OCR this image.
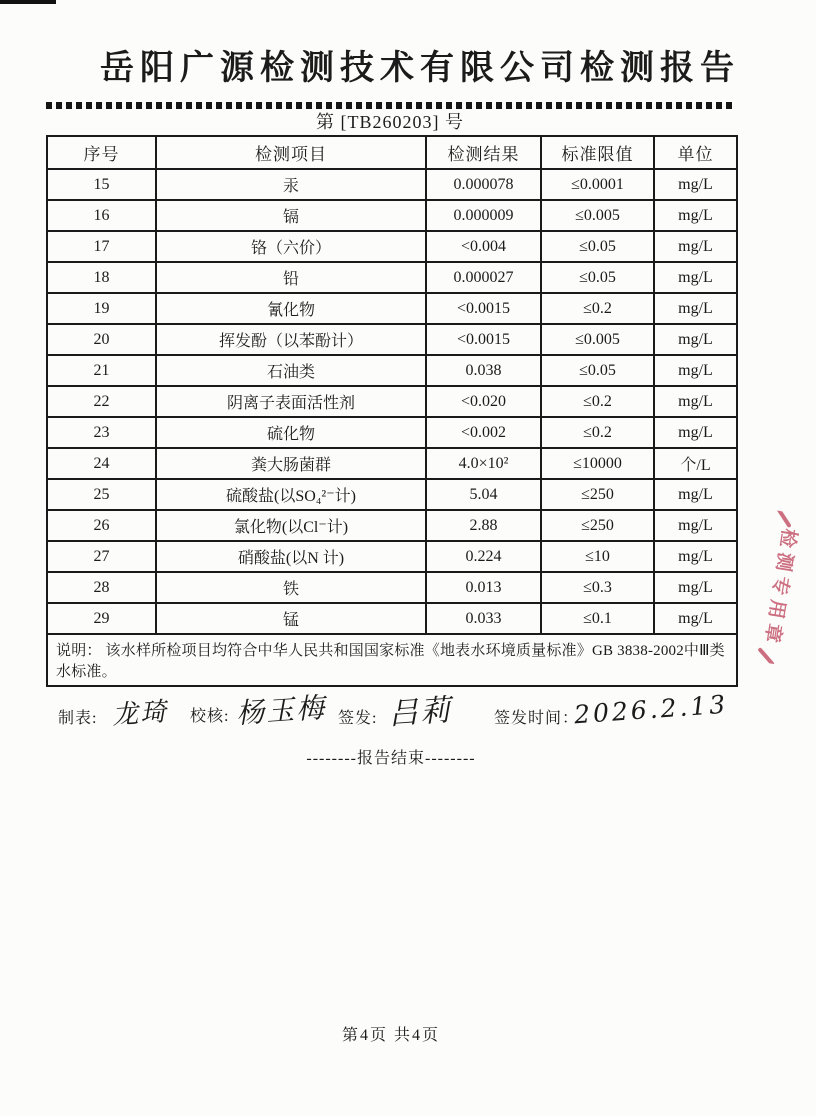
岳阳广源检测技术有限公司检测报告
第 [TB260203] 号
序号	检测项目	检测结果	标准限值	单位
15	汞	0.000078	≤0.0001	mg/L
16	镉	0.000009	≤0.005	mg/L
17	铬（六价）	<0.004	≤0.05	mg/L
18	铅	0.000027	≤0.05	mg/L
19	氰化物	<0.0015	≤0.2	mg/L
20	挥发酚（以苯酚计）	<0.0015	≤0.005	mg/L
21	石油类	0.038	≤0.05	mg/L
22	阴离子表面活性剂	<0.020	≤0.2	mg/L
23	硫化物	<0.002	≤0.2	mg/L
24	粪大肠菌群	4.0×10²	≤10000	个/L
25	硫酸盐(以SO₄²⁻计)	5.04	≤250	mg/L
26	氯化物(以Cl⁻计)	2.88	≤250	mg/L
27	硝酸盐(以N 计)	0.224	≤10	mg/L
28	铁	0.013	≤0.3	mg/L
29	锰	0.033	≤0.1	mg/L
说明： 该水样所检项目均符合中华人民共和国国家标准《地表水环境质量标准》GB 3838-2002中Ⅲ类水标准。				
制表: 龙琦 校核: 杨玉梅 签发: 吕莉	签发时间：
2026.2.13
--------报告结束--------
检测专用章
第4页 共4页
